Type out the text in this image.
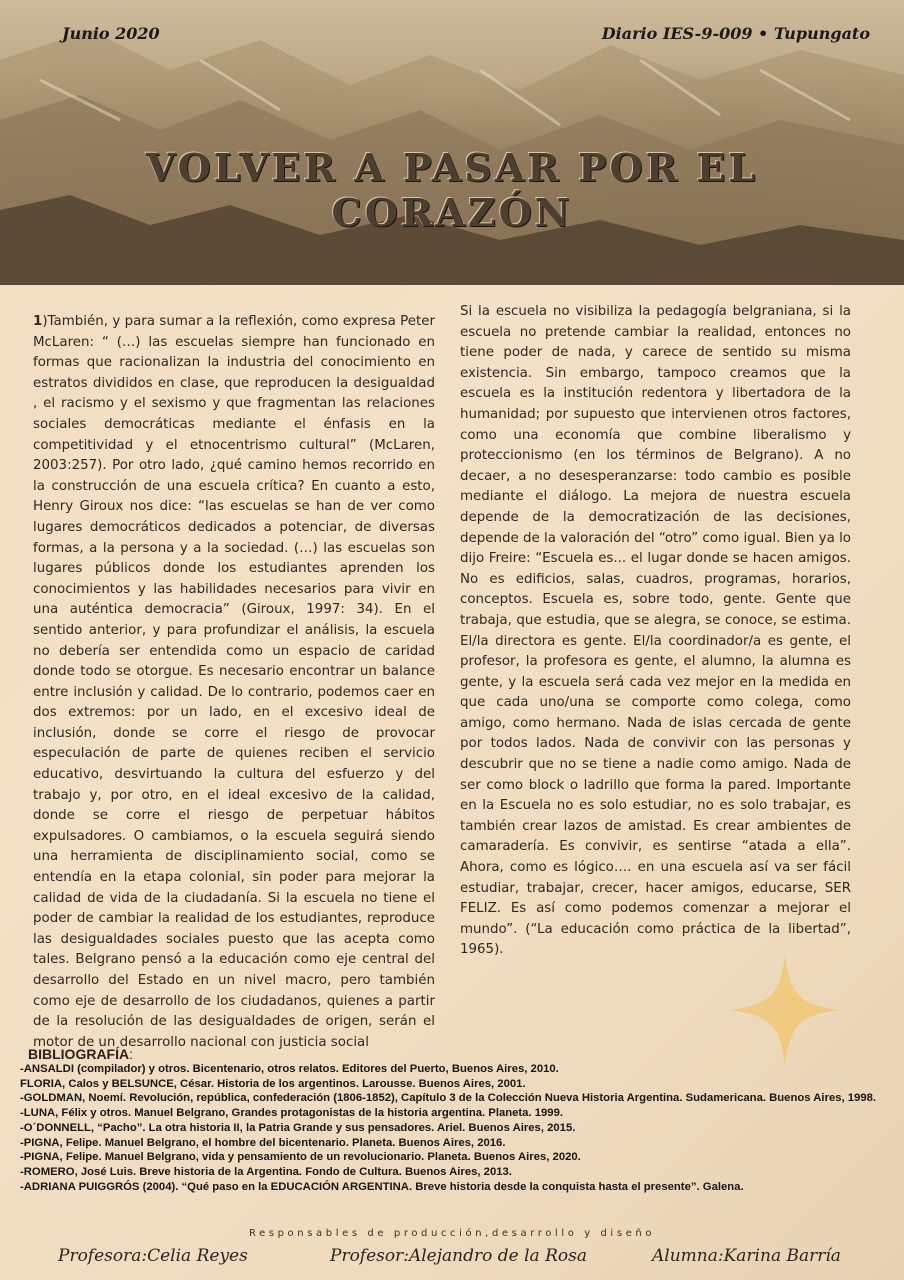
Junio 2020	Diario IES-9-009 • Tupungato
VOLVER A PASAR POR EL
CORAZÓN

1)También, y para sumar a la reflexión, como expresa Peter McLaren: “ (…) las escuelas siempre han funcionado en formas que racionalizan la industria del conocimiento en estratos divididos en clase, que reproducen la desigualdad , el racismo y el sexismo y que fragmentan las relaciones sociales democráticas mediante el énfasis en la competitividad y el etnocentrismo cultural” (McLaren, 2003:257). Por otro lado, ¿qué camino hemos recorrido en la construcción de una escuela crítica? En cuanto a esto, Henry Giroux nos dice: “las escuelas se han de ver como lugares democráticos dedicados a potenciar, de diversas formas, a la persona y a la sociedad. (…) las escuelas son lugares públicos donde los estudiantes aprenden los conocimientos y las habilidades necesarios para vivir en una auténtica democracia” (Giroux, 1997: 34). En el sentido anterior, y para profundizar el análisis, la escuela no debería ser entendida como un espacio de caridad donde todo se otorgue. Es necesario encontrar un balance entre inclusión y calidad. De lo contrario, podemos caer en dos extremos: por un lado, en el excesivo ideal de inclusión, donde se corre el riesgo de provocar especulación de parte de quienes reciben el servicio educativo, desvirtuando la cultura del esfuerzo y del trabajo y, por otro, en el ideal excesivo de la calidad, donde se corre el riesgo de perpetuar hábitos expulsadores. O cambiamos, o la escuela seguirá siendo una herramienta de disciplinamiento social, como se entendía en la etapa colonial, sin poder para mejorar la calidad de vida de la ciudadanía. Si la escuela no tiene el poder de cambiar la realidad de los estudiantes, reproduce las desigualdades sociales puesto que las acepta como tales. Belgrano pensó a la educación como eje central del desarrollo del Estado en un nivel macro, pero también como eje de desarrollo de los ciudadanos, quienes a partir de la resolución de las desigualdades de origen, serán el motor de un desarrollo nacional con justicia social

Si la escuela no visibiliza la pedagogía belgraniana, si la escuela no pretende cambiar la realidad, entonces no tiene poder de nada, y carece de sentido su misma existencia. Sin embargo, tampoco creamos que la escuela es la institución redentora y libertadora de la humanidad; por supuesto que intervienen otros factores, como una economía que combine liberalismo y proteccionismo (en los términos de Belgrano). A no decaer, a no desesperanzarse: todo cambio es posible mediante el diálogo. La mejora de nuestra escuela depende de la democratización de las decisiones, depende de la valoración del “otro” como igual. Bien ya lo dijo Freire: “Escuela es... el lugar donde se hacen amigos. No es edificios, salas, cuadros, programas, horarios, conceptos. Escuela es, sobre todo, gente. Gente que trabaja, que estudia, que se alegra, se conoce, se estima. El/la directora es gente. El/la coordinador/a es gente, el profesor, la profesora es gente, el alumno, la alumna es gente, y la escuela será cada vez mejor en la medida en que cada uno/una se comporte como colega, como amigo, como hermano. Nada de islas cercada de gente por todos lados. Nada de convivir con las personas y descubrir que no se tiene a nadie como amigo. Nada de ser como block o ladrillo que forma la pared. Importante en la Escuela no es solo estudiar, no es solo trabajar, es también crear lazos de amistad. Es crear ambientes de camaradería. Es convivir, es sentirse “atada a ella”. Ahora, como es lógico…. en una escuela así va ser fácil estudiar, trabajar, crecer, hacer amigos, educarse, SER FELIZ. Es así como podemos comenzar a mejorar el mundo”. (“La educación como práctica de la libertad”, 1965).

BIBLIOGRAFÍA:
-ANSALDI (compilador) y otros. Bicentenario, otros relatos. Editores del Puerto, Buenos Aires, 2010.
FLORIA, Calos y BELSUNCE, César. Historia de los argentinos. Larousse. Buenos Aires, 2001.
-GOLDMAN, Noemí. Revolución, república, confederación (1806-1852), Capítulo 3 de la Colección Nueva Historia Argentina. Sudamericana. Buenos Aires, 1998.
-LUNA, Félix y otros. Manuel Belgrano, Grandes protagonistas de la historia argentina. Planeta. 1999.
-O´DONNELL, “Pacho”. La otra historia II, la Patria Grande y sus pensadores. Ariel. Buenos Aires, 2015.
-PIGNA, Felipe. Manuel Belgrano, el hombre del bicentenario. Planeta. Buenos Aires, 2016.
-PIGNA, Felipe. Manuel Belgrano, vida y pensamiento de un revolucionario. Planeta. Buenos Aires, 2020.
-ROMERO, José Luis. Breve historia de la Argentina. Fondo de Cultura. Buenos Aires, 2013.
-ADRIANA PUIGGRÓS (2004). “Qué paso en la EDUCACIÓN ARGENTINA. Breve historia desde la conquista hasta el presente”. Galena.
Responsables de producción,desarrollo y diseño
Profesora:Celia Reyes	Profesor:Alejandro de la Rosa	Alumna:Karina Barría
